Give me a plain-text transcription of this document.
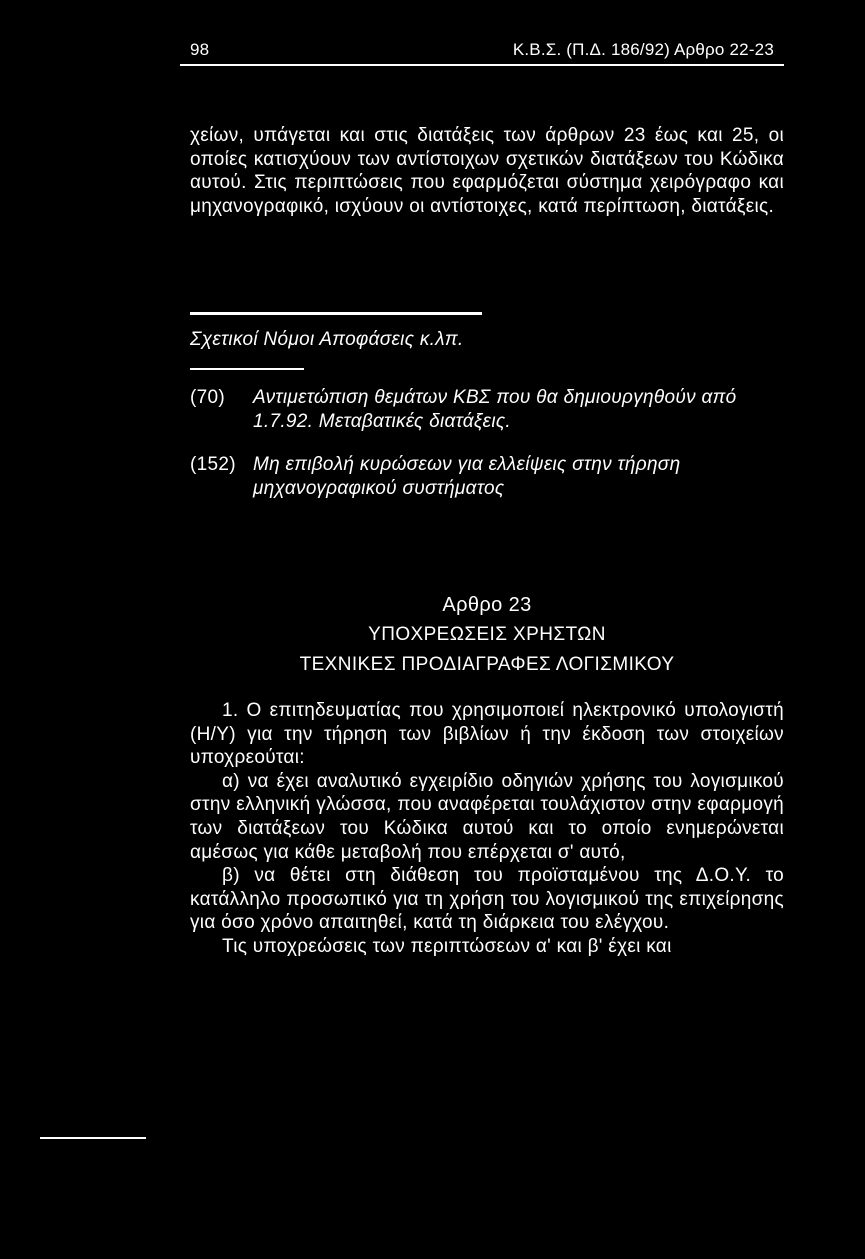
98	Κ.Β.Σ. (Π.Δ. 186/92) Αρθρο 22-23
χείων, υπάγεται και στις διατάξεις των άρθρων 23 έως και 25, οι οποίες κατισχύουν των αντίστοιχων σχετικών διατάξεων του Κώδικα αυτού. Στις περιπτώσεις που εφαρμόζεται σύστημα χειρόγραφο και μηχανογραφικό, ισχύουν οι αντίστοιχες, κατά περίπτωση, διατάξεις.
Σχετικοί Νόμοι Αποφάσεις κ.λπ.
(70) Αντιμετώπιση θεμάτων ΚΒΣ που θα δημιουργηθούν από 1.7.92. Μεταβατικές διατάξεις.
(152) Μη επιβολή κυρώσεων για ελλείψεις στην τήρηση μηχανογραφικού συστήματος
Αρθρο 23
ΥΠΟΧΡΕΩΣΕΙΣ ΧΡΗΣΤΩΝ
ΤΕΧΝΙΚΕΣ ΠΡΟΔΙΑΓΡΑΦΕΣ ΛΟΓΙΣΜΙΚΟΥ
1. Ο επιτηδευματίας που χρησιμοποιεί ηλεκτρονικό υπολογιστή (Η/Υ) για την τήρηση των βιβλίων ή την έκδοση των στοιχείων υποχρεούται:
α) να έχει αναλυτικό εγχειρίδιο οδηγιών χρήσης του λογισμικού στην ελληνική γλώσσα, που αναφέρεται τουλάχιστον στην εφαρμογή των διατάξεων του Κώδικα αυτού και το οποίο ενημερώνεται αμέσως για κάθε μεταβολή που επέρχεται σ' αυτό,
β) να θέτει στη διάθεση του προϊσταμένου της Δ.Ο.Υ. το κατάλληλο προσωπικό για τη χρήση του λογισμικού της επιχείρησης για όσο χρόνο απαιτηθεί, κατά τη διάρκεια του ελέγχου.
Τις υποχρεώσεις των περιπτώσεων α' και β' έχει και
